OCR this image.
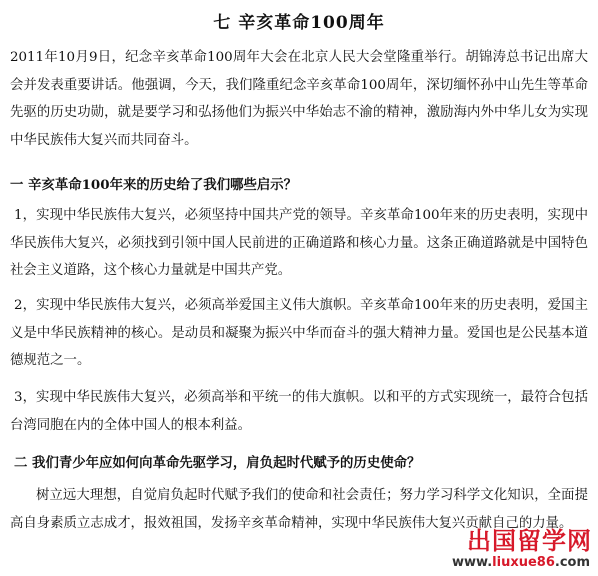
七 辛亥革命100周年

2011年10月9日，纪念辛亥革命100周年大会在北京人民大会堂隆重举行。胡锦涛总书记出席大会并发表重要讲话。他强调，今天，我们隆重纪念辛亥革命100周年，深切缅怀孙中山先生等革命先驱的历史功勋，就是要学习和弘扬他们为振兴中华始志不渝的精神，激励海内外中华儿女为实现中华民族伟大复兴而共同奋斗。

一 辛亥革命100年来的历史给了我们哪些启示？

1，实现中华民族伟大复兴，必须坚持中国共产党的领导。辛亥革命100年来的历史表明，实现中华民族伟大复兴，必须找到引领中国人民前进的正确道路和核心力量。这条正确道路就是中国特色社会主义道路，这个核心力量就是中国共产党。

2，实现中华民族伟大复兴，必须高举爱国主义伟大旗帜。辛亥革命100年来的历史表明，爱国主义是中华民族精神的核心。是动员和凝聚为振兴中华而奋斗的强大精神力量。爱国也是公民基本道德规范之一。

3，实现中华民族伟大复兴，必须高举和平统一的伟大旗帜。以和平的方式实现统一，最符合包括台湾同胞在内的全体中国人的根本利益。

二 我们青少年应如何向革命先驱学习，肩负起时代赋予的历史使命？

树立远大理想，自觉肩负起时代赋予我们的使命和社会责任；努力学习科学文化知识，全面提高自身素质立志成才，报效祖国，发扬辛亥革命精神，实现中华民族伟大复兴贡献自己的力量。

出国留学网
www.liuxue86.com
